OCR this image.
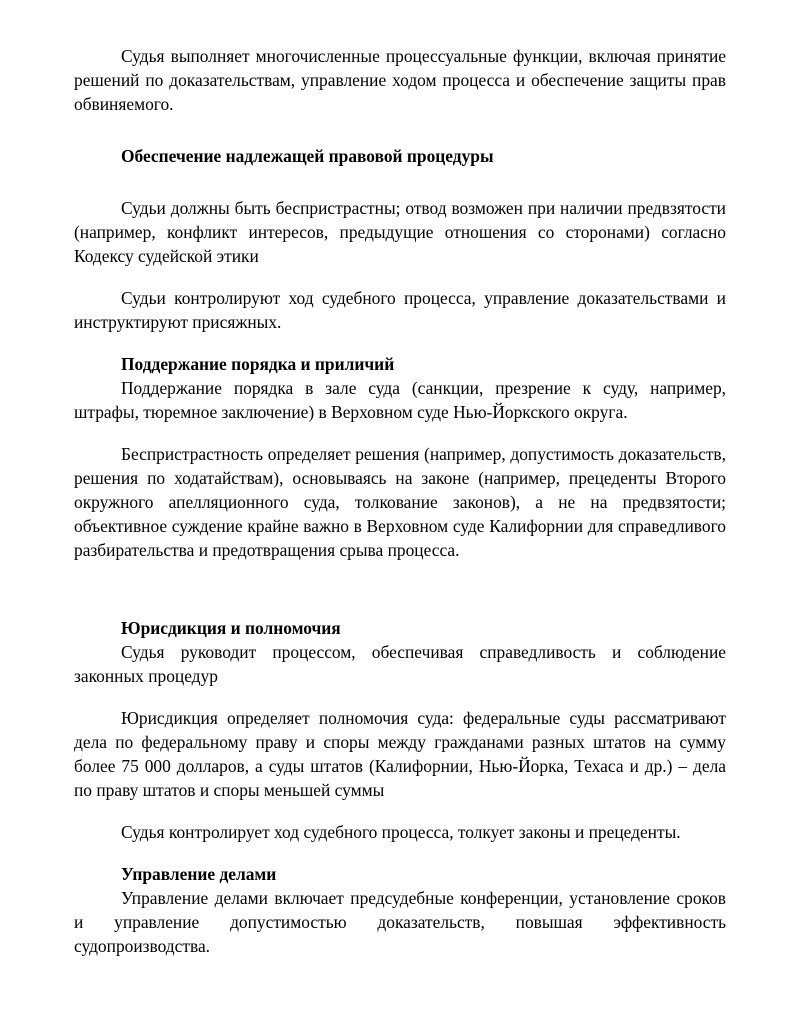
Судья выполняет многочисленные процессуальные функции, включая принятие решений по доказательствам, управление ходом процесса и обеспечение защиты прав обвиняемого.

Обеспечение надлежащей правовой процедуры

Судьи должны быть беспристрастны; отвод возможен при наличии предвзятости (например, конфликт интересов, предыдущие отношения со сторонами) согласно Кодексу судейской этики

Судьи контролируют ход судебного процесса, управление доказательствами и инструктируют присяжных.

Поддержание порядка и приличий

Поддержание порядка в зале суда (санкции, презрение к суду, например, штрафы, тюремное заключение) в Верховном суде Нью-Йоркского округа.

Беспристрастность определяет решения (например, допустимость доказательств, решения по ходатайствам), основываясь на законе (например, прецеденты Второго окружного апелляционного суда, толкование законов), а не на предвзятости; объективное суждение крайне важно в Верховном суде Калифорнии для справедливого разбирательства и предотвращения срыва процесса.

Юрисдикция и полномочия

Судья руководит процессом, обеспечивая справедливость и соблюдение законных процедур

Юрисдикция определяет полномочия суда: федеральные суды рассматривают дела по федеральному праву и споры между гражданами разных штатов на сумму более 75 000 долларов, а суды штатов (Калифорнии, Нью-Йорка, Техаса и др.) – дела по праву штатов и споры меньшей суммы

Судья контролирует ход судебного процесса, толкует законы и прецеденты.

Управление делами

Управление делами включает предсудебные конференции, установление сроков и управление допустимостью доказательств, повышая эффективность судопроизводства.
